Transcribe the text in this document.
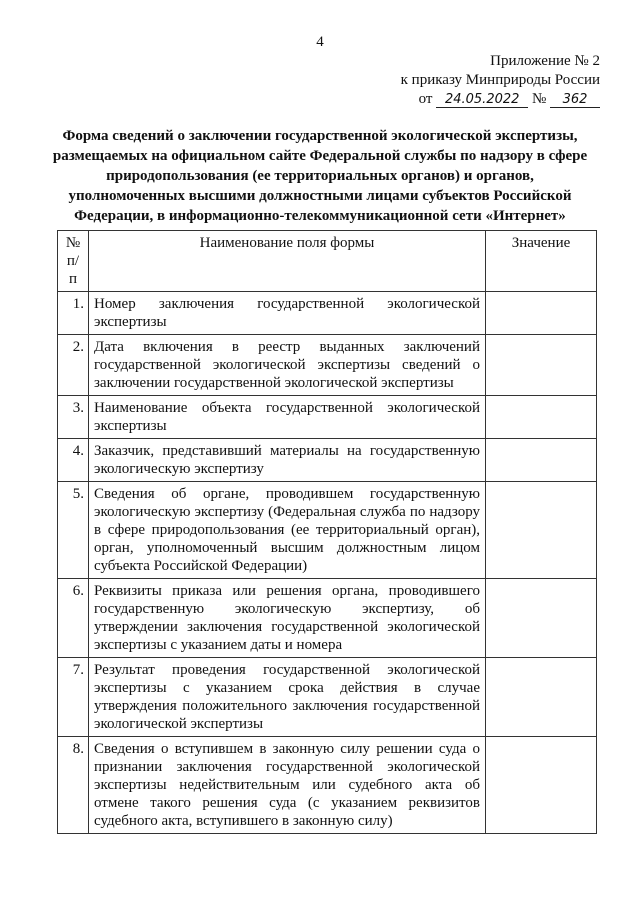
4
Приложение № 2
к приказу Минприроды России
от 24.05.2022 № 362
Форма сведений о заключении государственной экологической экспертизы, размещаемых на официальном сайте Федеральной службы по надзору в сфере природопользования (ее территориальных органов) и органов, уполномоченных высшими должностными лицами субъектов Российской Федерации, в информационно-телекоммуникационной сети «Интернет»
№ п/п	Наименование поля формы	Значение
1.	Номер заключения государственной экологической экспертизы	
2.	Дата включения в реестр выданных заключений государственной экологической экспертизы сведений о заключении государственной экологической экспертизы	
3.	Наименование объекта государственной экологической экспертизы	
4.	Заказчик, представивший материалы на государственную экологическую экспертизу	
5.	Сведения об органе, проводившем государственную экологическую экспертизу (Федеральная служба по надзору в сфере природопользования (ее территориальный орган), орган, уполномоченный высшим должностным лицом субъекта Российской Федерации)	
6.	Реквизиты приказа или решения органа, проводившего государственную экологическую экспертизу, об утверждении заключения государственной экологической экспертизы с указанием даты и номера	
7.	Результат проведения государственной экологической экспертизы с указанием срока действия в случае утверждения положительного заключения государственной экологической экспертизы	
8.	Сведения о вступившем в законную силу решении суда о признании заключения государственной экологической экспертизы недействительным или судебного акта об отмене такого решения суда (с указанием реквизитов судебного акта, вступившего в законную силу)	
